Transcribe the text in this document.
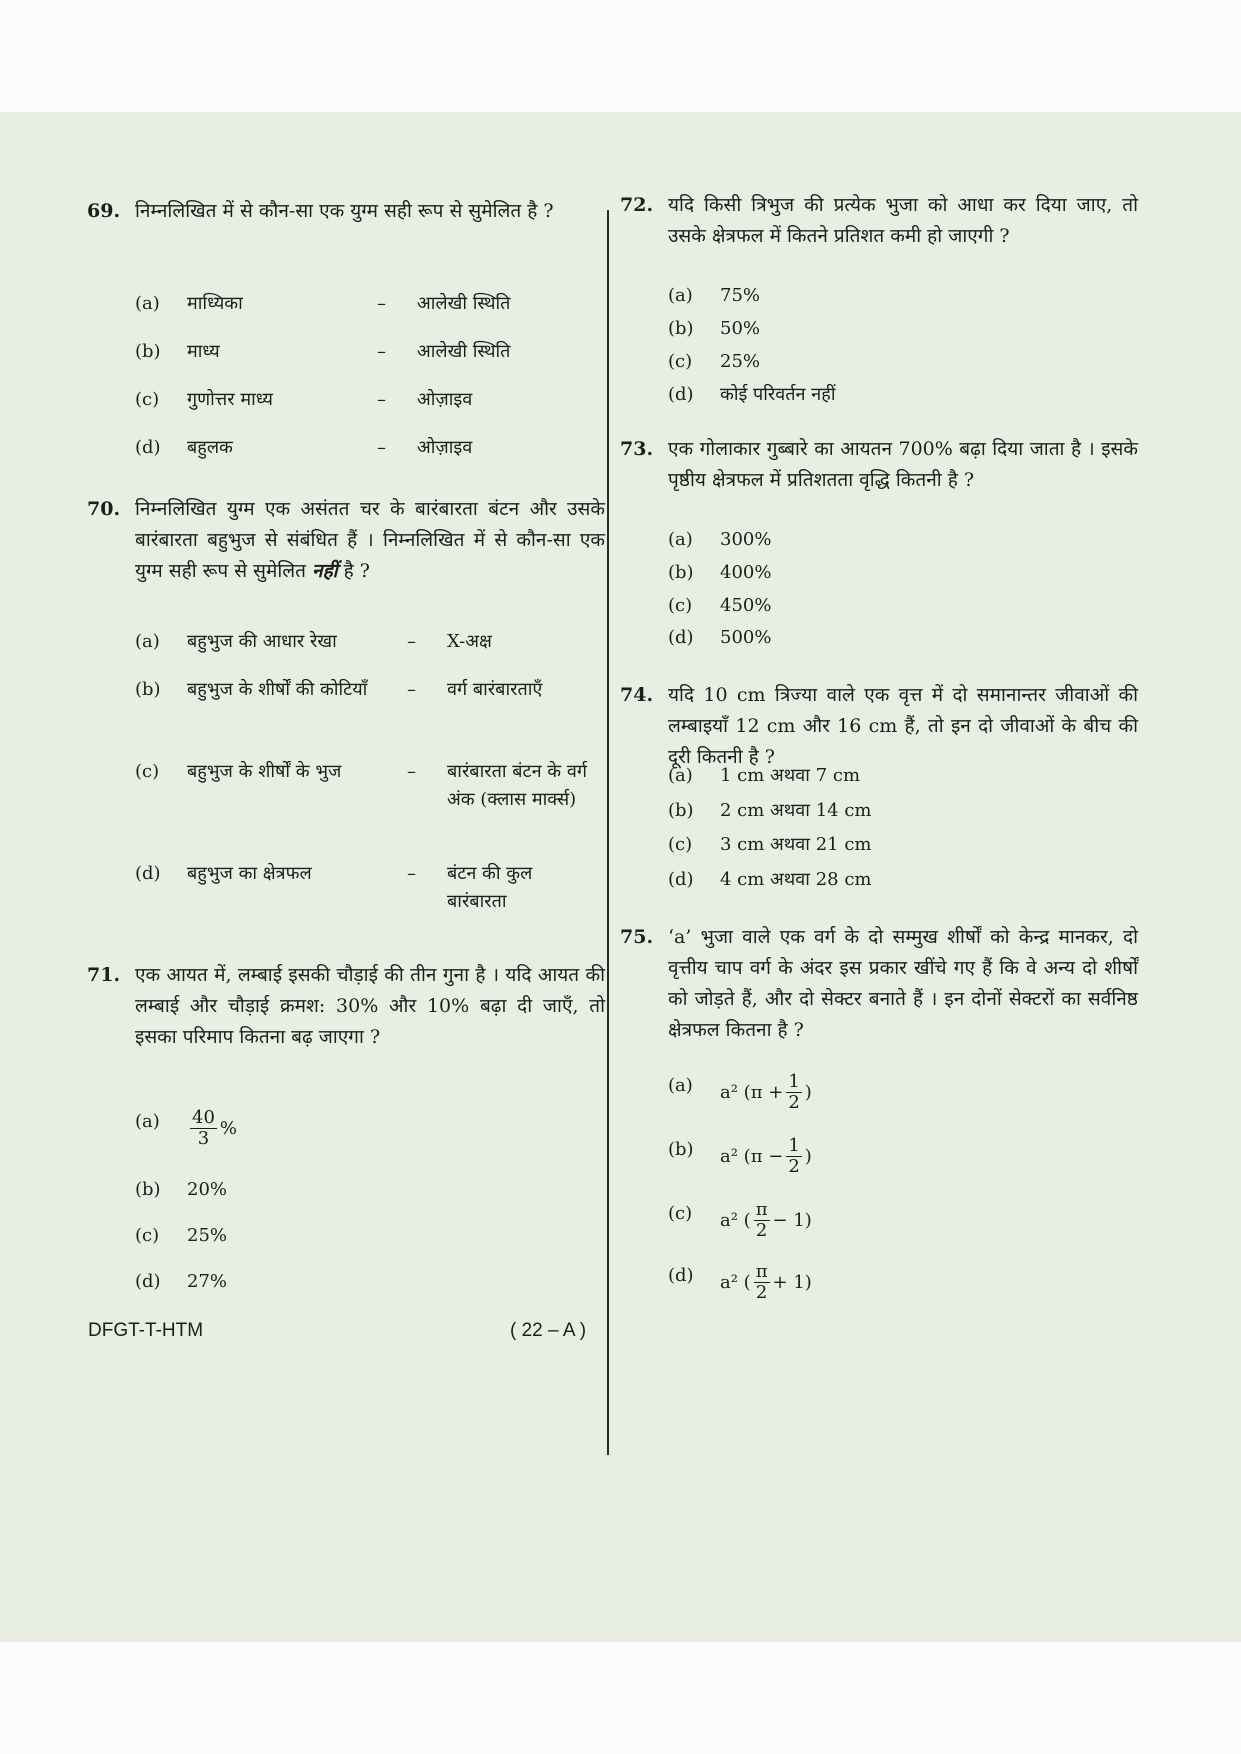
69. निम्नलिखित में से कौन-सा एक युग्म सही रूप से सुमेलित है ?
(a)	माध्यिका	–	आलेखी स्थिति
(b)	माध्य	–	आलेखी स्थिति
(c)	गुणोत्तर माध्य	–	ओज़ाइव
(d)	बहुलक	–	ओज़ाइव
70. निम्नलिखित युग्म एक असंतत चर के बारंबारता बंटन और उसके बारंबारता बहुभुज से संबंधित हैं । निम्नलिखित में से कौन-सा एक युग्म सही रूप से सुमेलित नहीं है ?
(a)	बहुभुज की आधार रेखा	–	X-अक्ष
(b)	बहुभुज के शीर्षों की कोटियाँ	–	वर्ग बारंबारताएँ
(c)	बहुभुज के शीर्षों के भुज	–	बारंबारता बंटन के वर्ग अंक (क्लास मार्क्स)
(d)	बहुभुज का क्षेत्रफल	–	बंटन की कुल बारंबारता
71. एक आयत में, लम्बाई इसकी चौड़ाई की तीन गुना है । यदि आयत की लम्बाई और चौड़ाई क्रमश: 30% और 10% बढ़ा दी जाएँ, तो इसका परिमाप कितना बढ़ जाएगा ?
(a)	$\frac{40}{3}$ %
(b)	20%
(c)	25%
(d)	27%
72. यदि किसी त्रिभुज की प्रत्येक भुजा को आधा कर दिया जाए, तो उसके क्षेत्रफल में कितने प्रतिशत कमी हो जाएगी ?
(a)	75%
(b)	50%
(c)	25%
(d)	कोई परिवर्तन नहीं
73. एक गोलाकार गुब्बारे का आयतन 700% बढ़ा दिया जाता है । इसके पृष्ठीय क्षेत्रफल में प्रतिशतता वृद्धि कितनी है ?
(a)	300%
(b)	400%
(c)	450%
(d)	500%
74. यदि 10 cm त्रिज्या वाले एक वृत्त में दो समानान्तर जीवाओं की लम्बाइयाँ 12 cm और 16 cm हैं, तो इन दो जीवाओं के बीच की दूरी कितनी है ?
(a)	1 cm अथवा 7 cm
(b)	2 cm अथवा 14 cm
(c)	3 cm अथवा 21 cm
(d)	4 cm अथवा 28 cm
75. ‘a’ भुजा वाले एक वर्ग के दो सम्मुख शीर्षों को केन्द्र मानकर, दो वृत्तीय चाप वर्ग के अंदर इस प्रकार खींचे गए हैं कि वे अन्य दो शीर्षों को जोड़ते हैं, और दो सेक्टर बनाते हैं । इन दोनों सेक्टरों का सर्वनिष्ठ क्षेत्रफल कितना है ?
(a)	a² ($\pi + \frac{1}{2}$ )
(b)	a² ($\pi - \frac{1}{2}$ )
(c)	a² ( $\frac{\pi}{2} - 1$)
(d)	a² ( $\frac{\pi}{2} + 1$)
DFGT-T-HTM	( 22 – A )
